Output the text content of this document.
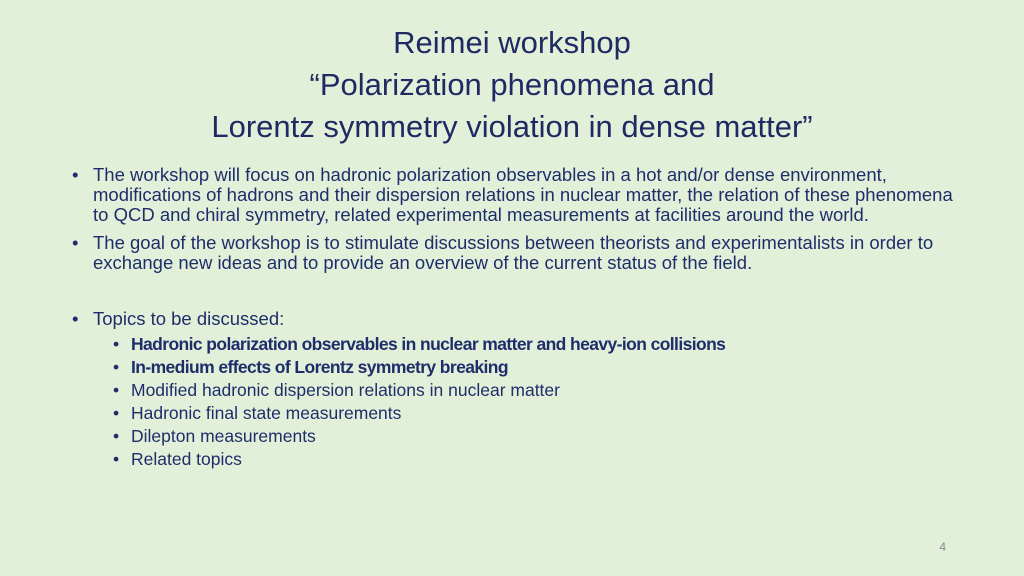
Reimei workshop
“Polarization phenomena and
Lorentz symmetry violation in dense matter”
• The workshop will focus on hadronic polarization observables in a hot and/or dense environment, modifications of hadrons and their dispersion relations in nuclear matter, the relation of these phenomena to QCD and chiral symmetry, related experimental measurements at facilities around the world.
• The goal of the workshop is to stimulate discussions between theorists and experimentalists in order to exchange new ideas and to provide an overview of the current status of the field.
• Topics to be discussed:
• Hadronic polarization observables in nuclear matter and heavy-ion collisions
• In-medium effects of Lorentz symmetry breaking
• Modified hadronic dispersion relations in nuclear matter
• Hadronic final state measurements
• Dilepton measurements
• Related topics
4
